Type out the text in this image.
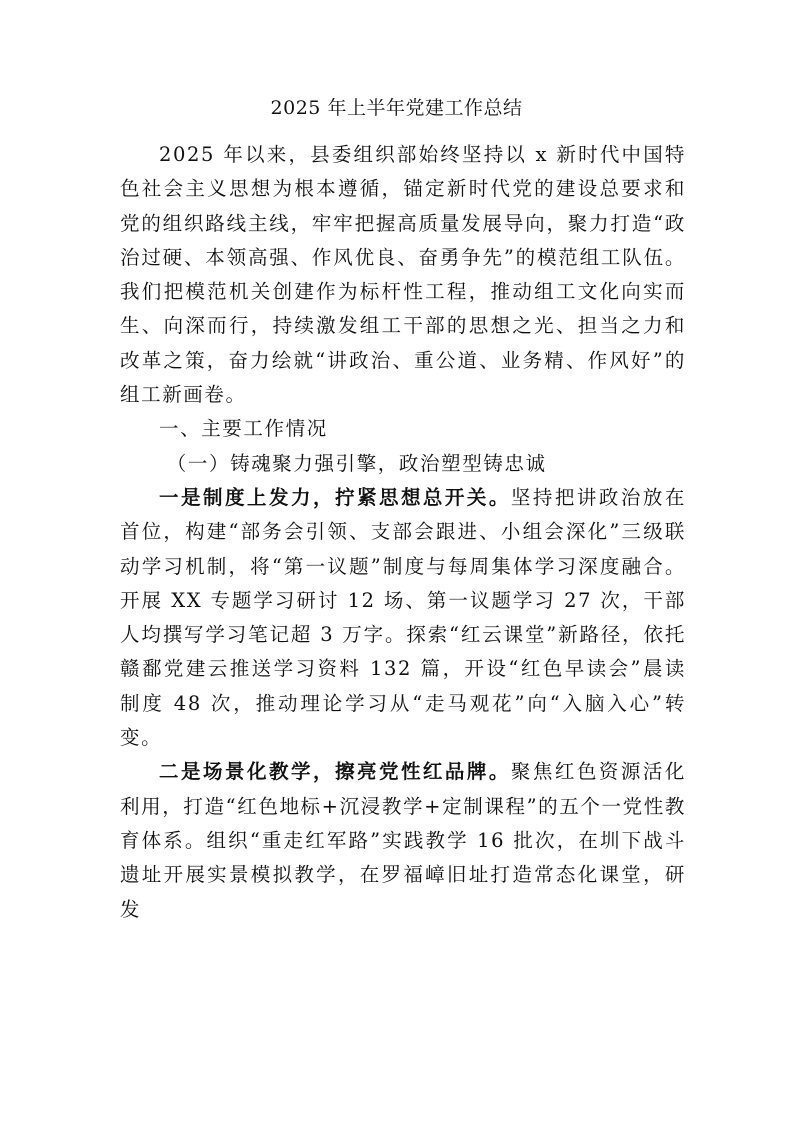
2025 年上半年党建工作总结

2025 年以来，县委组织部始终坚持以 x 新时代中国特色社会主义思想为根本遵循，锚定新时代党的建设总要求和党的组织路线主线，牢牢把握高质量发展导向，聚力打造“政治过硬、本领高强、作风优良、奋勇争先”的模范组工队伍。我们把模范机关创建作为标杆性工程，推动组工文化向实而生、向深而行，持续激发组工干部的思想之光、担当之力和改革之策，奋力绘就“讲政治、重公道、业务精、作风好”的组工新画卷。

一、主要工作情况

（一）铸魂聚力强引擎，政治塑型铸忠诚

一是制度上发力，拧紧思想总开关。坚持把讲政治放在首位，构建“部务会引领、支部会跟进、小组会深化”三级联动学习机制，将“第一议题”制度与每周集体学习深度融合。开展 XX 专题学习研讨 12 场、第一议题学习 27 次，干部人均撰写学习笔记超 3 万字。探索“红云课堂”新路径，依托赣鄱党建云推送学习资料 132 篇，开设“红色早读会”晨读制度 48 次，推动理论学习从“走马观花”向“入脑入心”转变。

二是场景化教学，擦亮党性红品牌。聚焦红色资源活化利用，打造“红色地标+沉浸教学+定制课程”的五个一党性教育体系。组织“重走红军路”实践教学 16 批次，在圳下战斗遗址开展实景模拟教学，在罗福嶂旧址打造常态化课堂，研发
